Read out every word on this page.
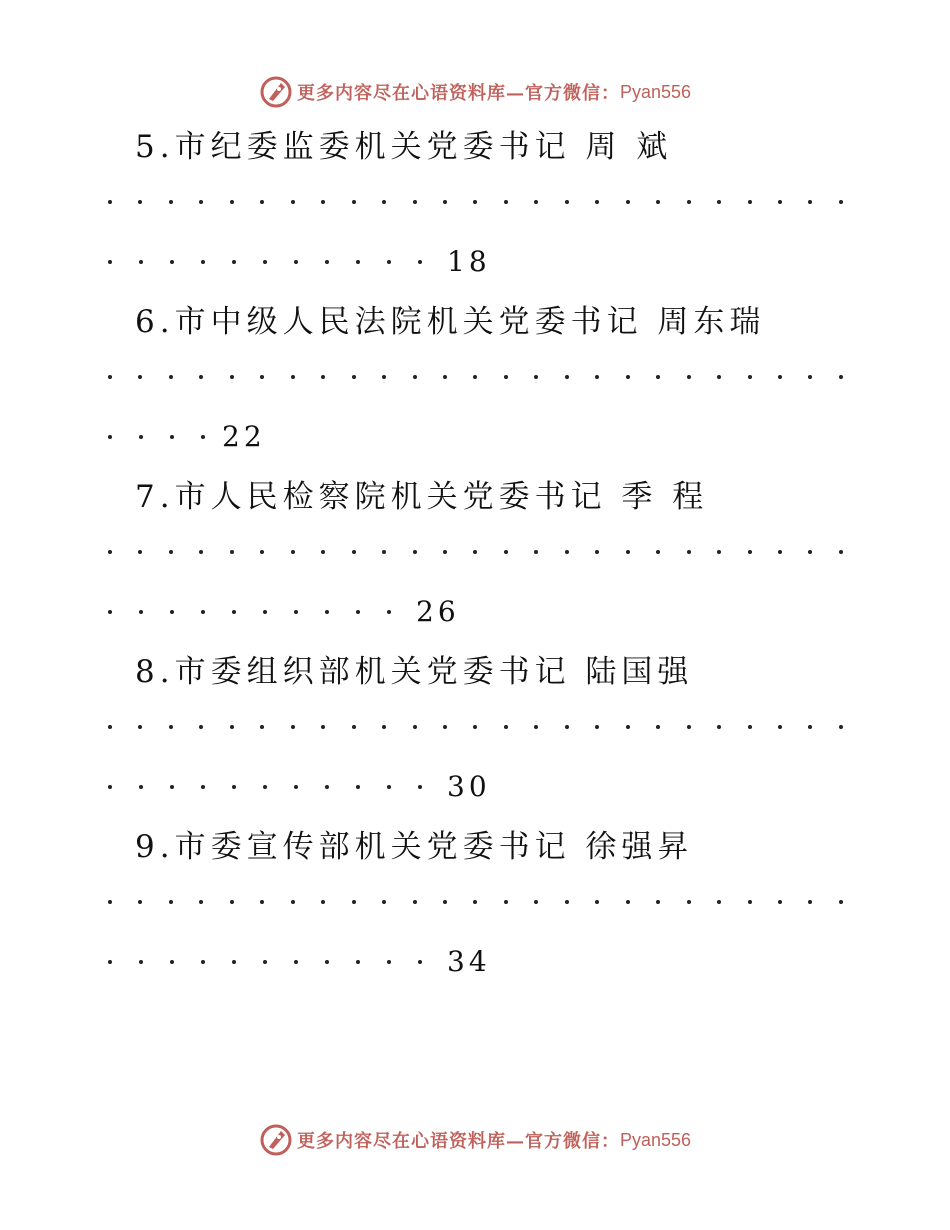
更多内容尽在心语资料库—官方微信： Pyan556
5.市纪委监委机关党委书记 周 斌
18
6.市中级人民法院机关党委书记 周东瑞
22
7.市人民检察院机关党委书记 季 程
26
8.市委组织部机关党委书记 陆国强
30
9.市委宣传部机关党委书记 徐强昇
34
更多内容尽在心语资料库—官方微信： Pyan556
